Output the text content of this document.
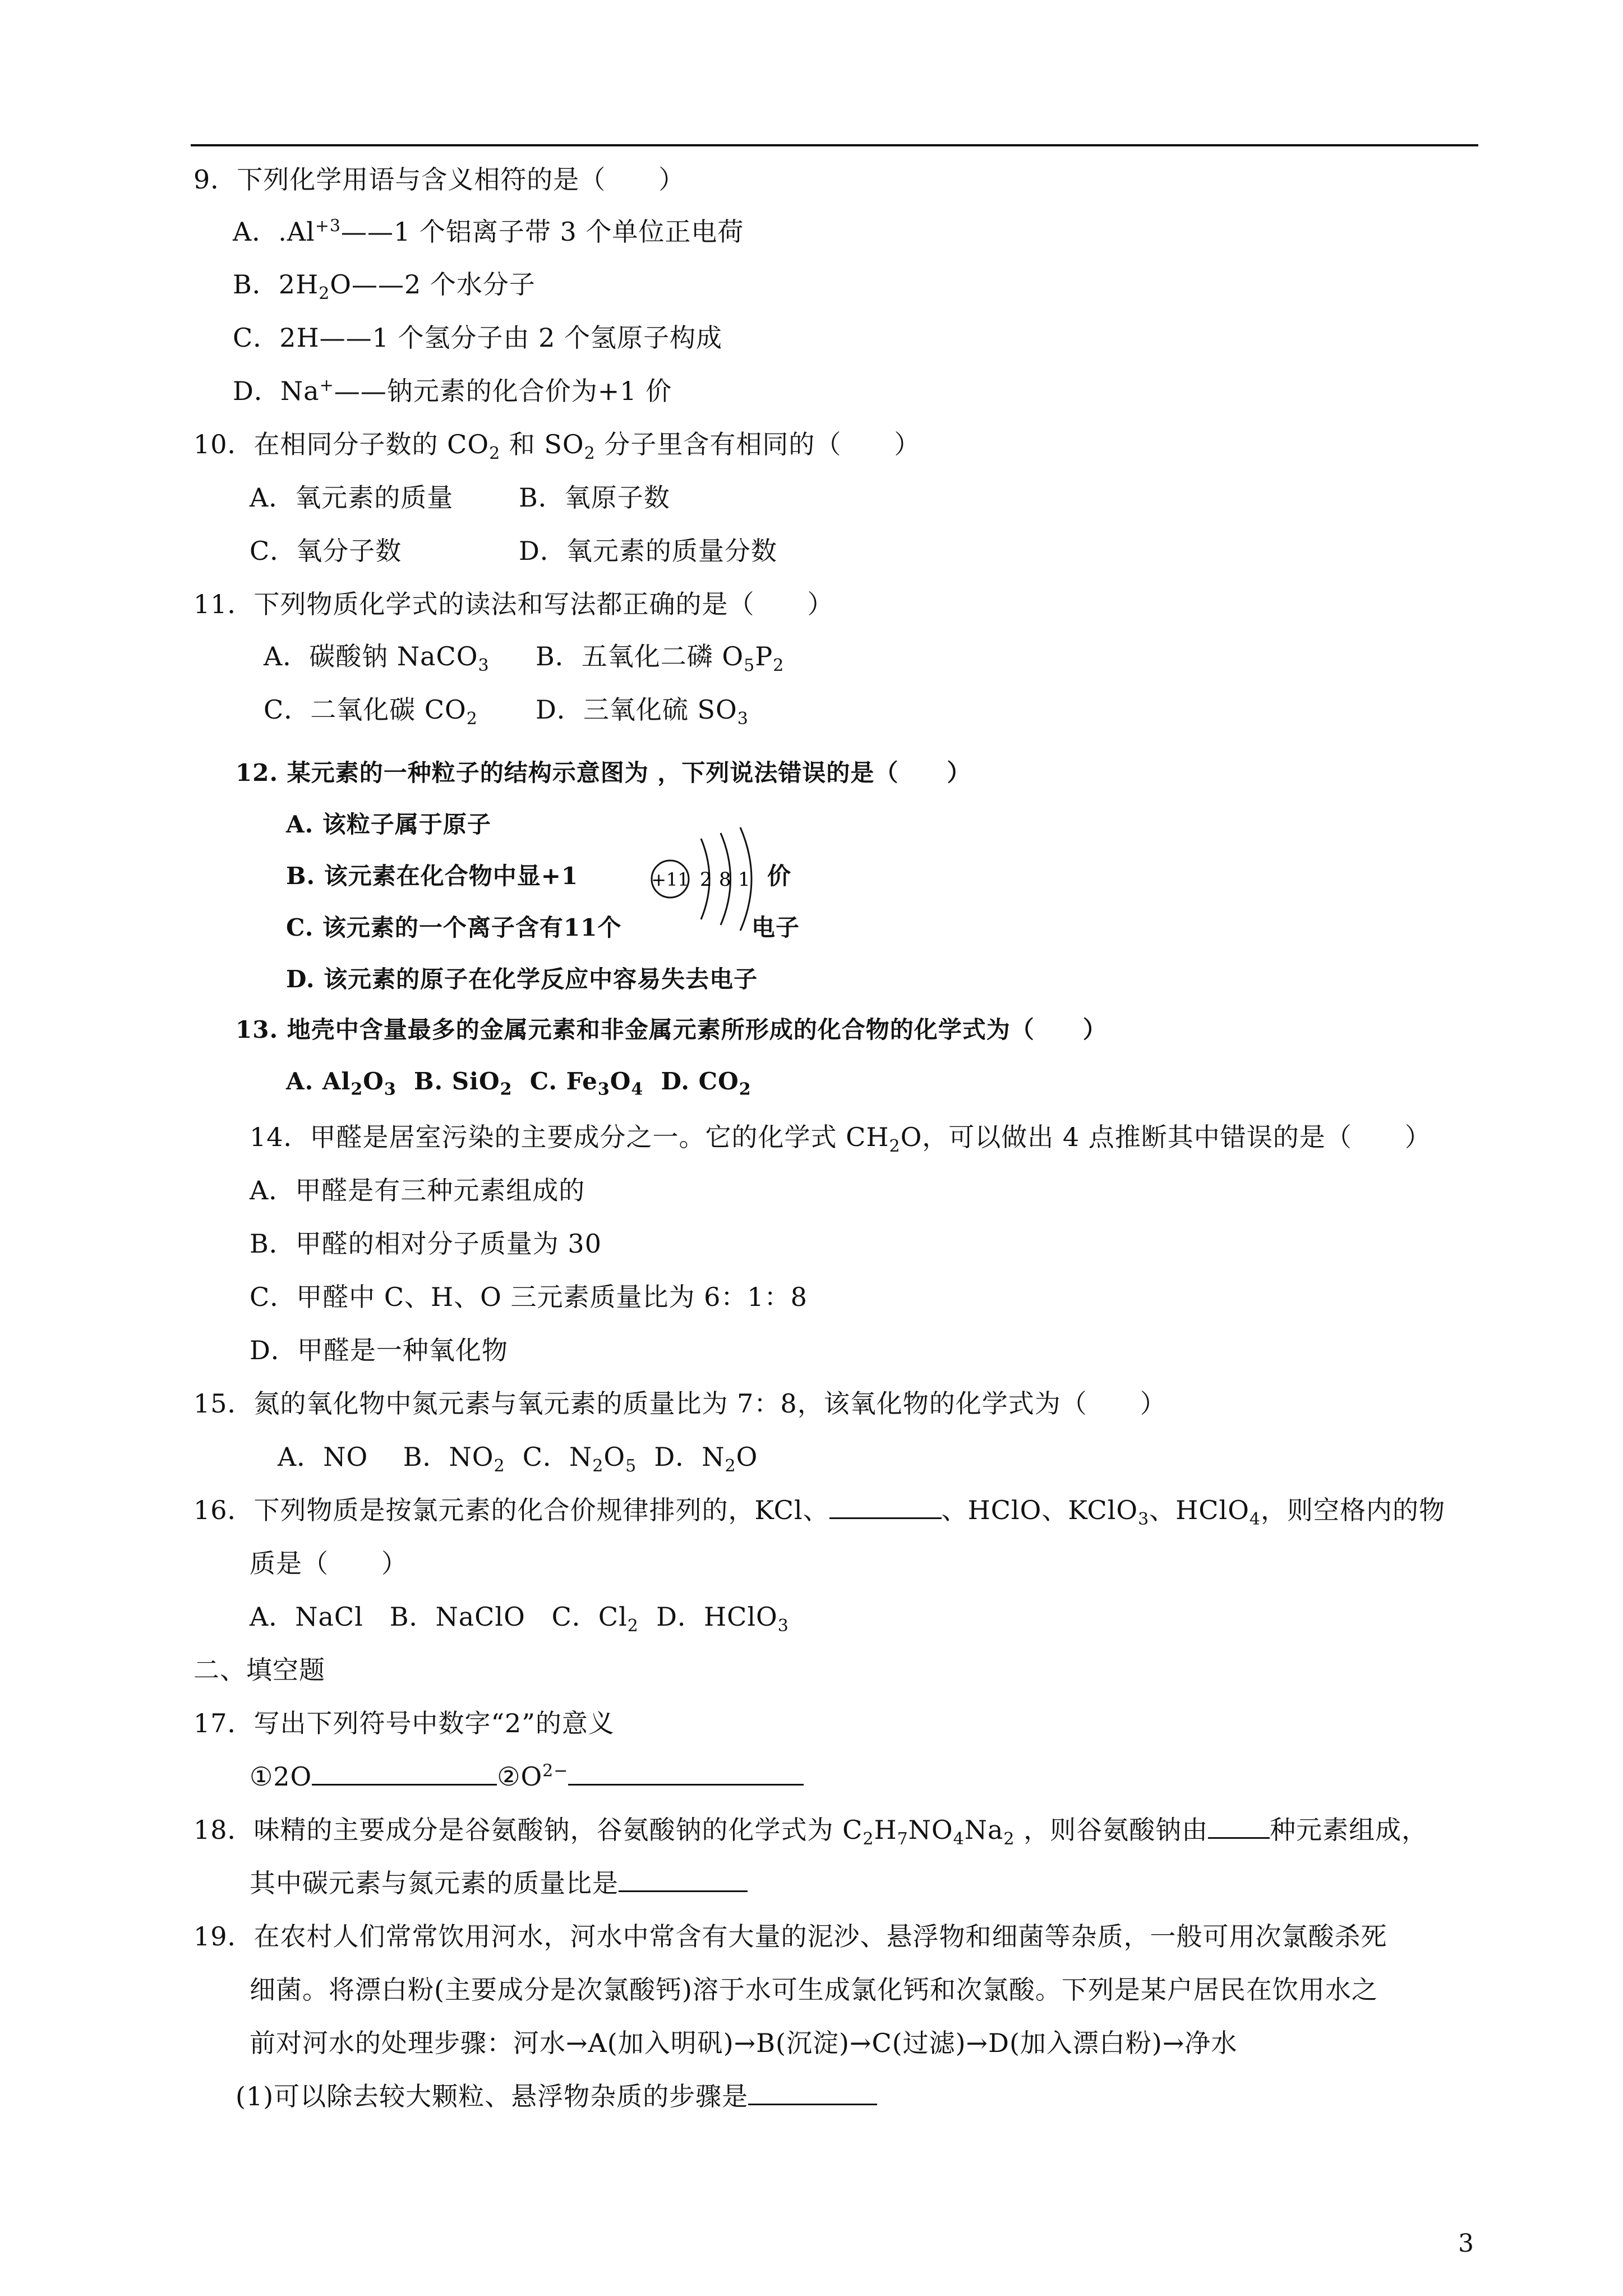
9．下列化学用语与含义相符的是（　　）
A．$.Al^{+3}——1$ 个铝离子带 3 个单位正电荷
B．$2H_2O——2$ 个水分子
C．2H——1 个氢分子由 2 个氢原子构成
D．Na+——钠元素的化合价为+1 价
10．在相同分子数的 $CO_2$ 和 $SO_2$ 分子里含有相同的（　　）
A．氧元素的质量	B．氧原子数
C．氧分子数	D．氧元素的质量分数
11．下列物质化学式的读法和写法都正确的是（　　）
A．碳酸钠 NaCO$_3$ B．五氧化二磷 $O_5P_2$
C．二氧化碳 $CO_2$ D．三氧化硫 $SO_3$
12. 某元素的一种粒子的结构示意图为 ，下列说法错误的是（　　）
A. 该粒子属于原子
B. 该元素在化合物中显+1	价
C. 该元素的一个离子含有11个	电子
D. 该元素的原子在化学反应中容易失去电子
+11 2 8 1
13. 地壳中含量最多的金属元素和非金属元素所形成的化合物的化学式为（　　）
A. $Al_2O_3$ B. SiO$_2$ C. $Fe_3O_4$ D. $CO_2$
14．甲醛是居室污染的主要成分之一。它的化学式 $CH_2O$，可以做出 4 点推断其中错误的是（　　）
A．甲醛是有三种元素组成的
B．甲醛的相对分子质量为 30
C．甲醛中 C、H、O 三元素质量比为 6：1：8
D．甲醛是一种氧化物
15．氮的氧化物中氮元素与氧元素的质量比为 7：8，该氧化物的化学式为（　　）
A．NO B．$NO_2$ C．$N_2O_5$ D．$N_2O$
16．下列物质是按氯元素的化合价规律排列的，KCl、	、HClO、KClO$_3$、HClO$_4$，则空格内的物
质是（　　）
A．NaCl B．NaClO C．$Cl_2$ D．HClO$_3$
二、填空题
17．写出下列符号中数字“2”的意义
①2O	$②O^{2-}$
18．味精的主要成分是谷氨酸钠，谷氨酸钠的化学式为 $C_2H_7NO_4Na_2$ ，则谷氨酸钠由 种元素组成，
其中碳元素与氮元素的质量比是
19．在农村人们常常饮用河水，河水中常含有大量的泥沙、悬浮物和细菌等杂质，一般可用次氯酸杀死
细菌。将漂白粉(主要成分是次氯酸钙)溶于水可生成氯化钙和次氯酸。下列是某户居民在饮用水之
前对河水的处理步骤：河水→A(加入明矾)→B(沉淀)→C(过滤)→D(加入漂白粉)→净水
(1)可以除去较大颗粒、悬浮物杂质的步骤是
3
